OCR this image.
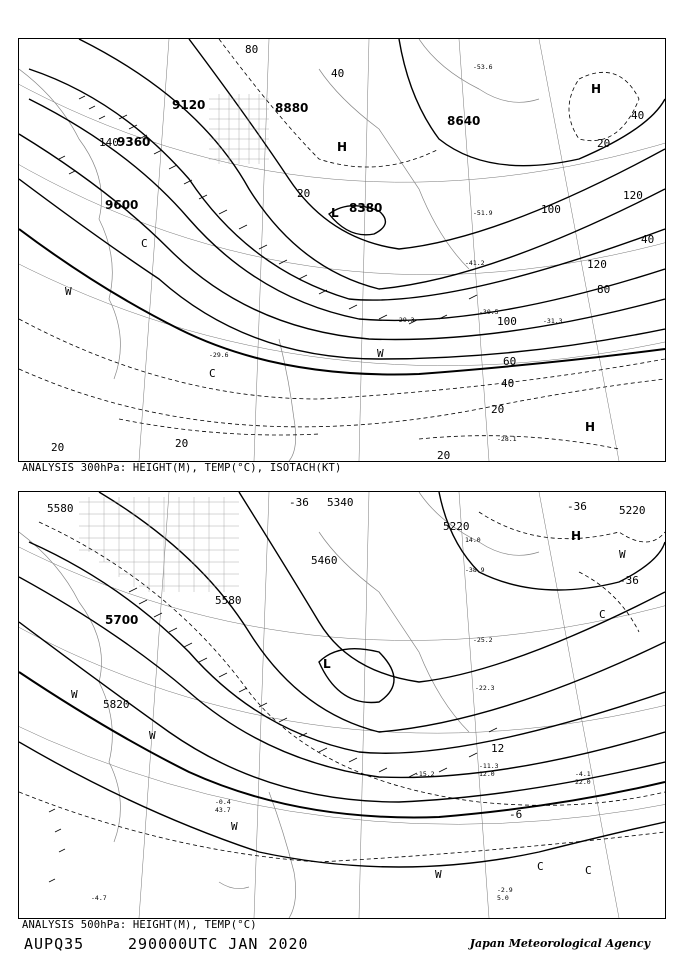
9120	8880
9360
9600
8640
8380
80
40
20	120
100
40
120
80
100
60
40
20
20
20
20
20
40
140	H
H
L
C
W
C
H
W
-53.6
-51.9
-29.3	-31.3
-28.1
-29.6
-30.5
-41.2
ANALYSIS 300hPa: HEIGHT(M), TEMP(°C), ISOTACH(KT)
5580	5340
5220
5220
5460
5580
5700
5820
-36	-36
-36
-6
12
H
W
C
W
W
W
W
C	C
L
-38.9
-25.2
-22.3
-11.3
-15.2	-4.1
-2.9
-0.4
-4.7
14.0
12.0
22.0
5.0
43.7
ANALYSIS 500hPa: HEIGHT(M), TEMP(°C)
AUPQ35	290000UTC JAN 2020	Japan Meteorological Agency
